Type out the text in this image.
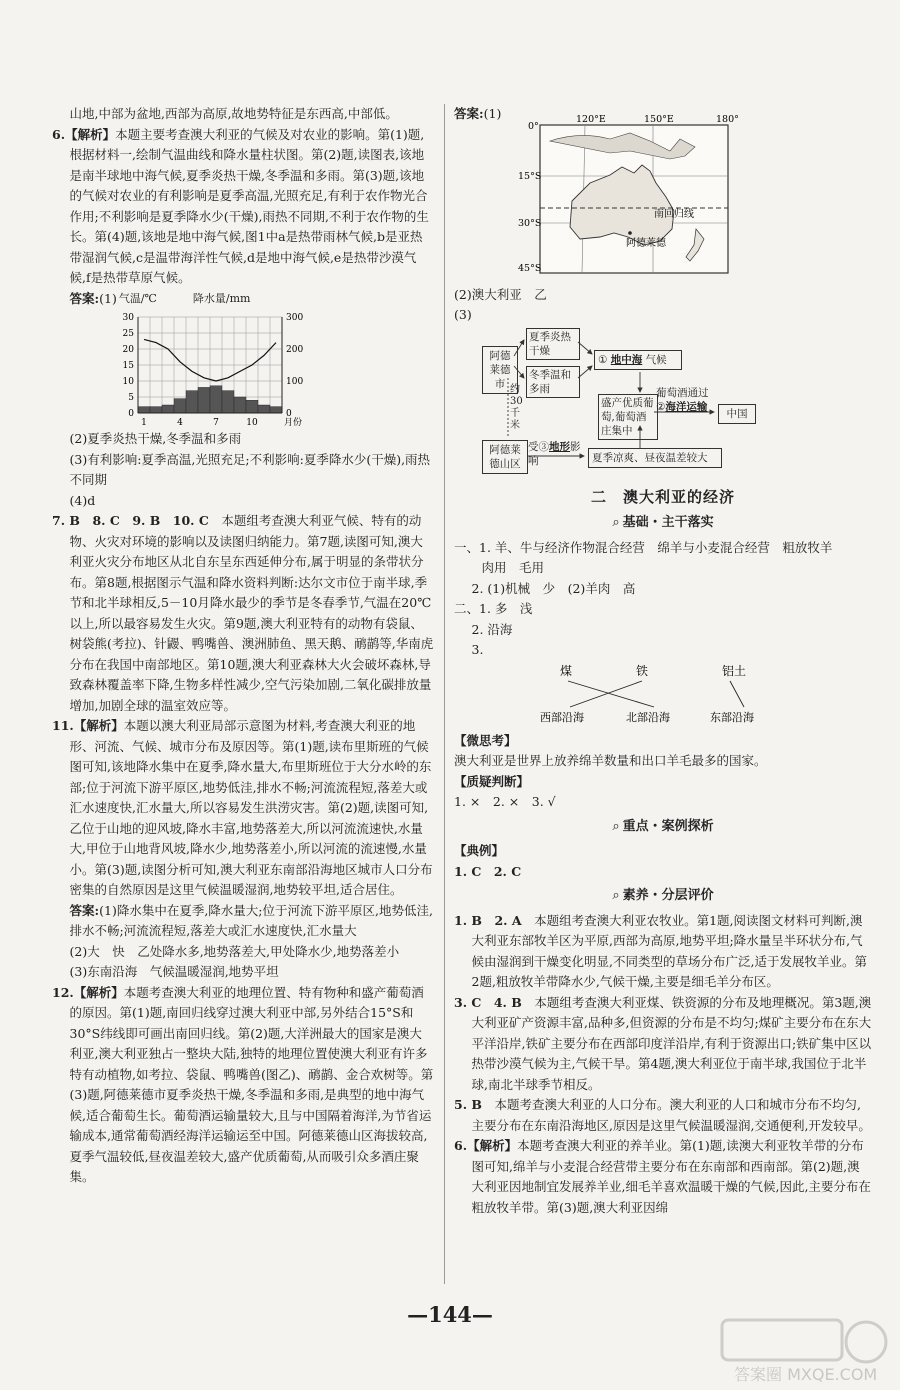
山地,中部为盆地,西部为高原,故地势特征是东西高,中部低。

6.【解析】本题主要考查澳大利亚的气候及对农业的影响。第(1)题,根据材料一,绘制气温曲线和降水量柱状图。第(2)题,读图表,该地是南半球地中海气候,夏季炎热干燥,冬季温和多雨。第(3)题,该地的气候对农业的有利影响是夏季高温,光照充足,有利于农作物光合作用;不利影响是夏季降水少(干燥),雨热不同期,不利于农作物的生长。第(4)题,该地是地中海气候,图1中a是热带雨林气候,b是亚热带湿润气候,c是温带海洋性气候,d是地中海气候,e是热带沙漠气候,f是热带草原气候。

答案: (1) 气温/℃	降水量/mm
0
5
10
15
20
25
30
0
100
200
300
1	4	7	10	月份

(2)夏季炎热干燥,冬季温和多雨

(3)有利影响:夏季高温,光照充足;不利影响:夏季降水少(干燥),雨热不同期

(4)d

7. B　8. C　9. B　10. C　 本题组考查澳大利亚气候、特有的动物、火灾对环境的影响以及读图归纳能力。第7题,读图可知,澳大利亚火灾分布地区从北自东呈东西延伸分布,属于明显的条带状分布。第8题,根据图示气温和降水资料判断:达尔文市位于南半球,季节和北半球相反,5－10月降水最少的季节是冬春季节,气温在20℃以上,所以最容易发生火灾。第9题,澳大利亚特有的动物有袋鼠、树袋熊(考拉)、针鼹、鸭嘴兽、澳洲肺鱼、黑天鹅、鸸鹋等,华南虎分布在我国中南部地区。第10题,澳大利亚森林大火会破坏森林,导致森林覆盖率下降,生物多样性减少,空气污染加剧,二氧化碳排放量增加,加剧全球的温室效应等。

11.【解析】本题以澳大利亚局部示意图为材料,考查澳大利亚的地形、河流、气候、城市分布及原因等。第(1)题,读布里斯班的气候图可知,该地降水集中在夏季,降水量大,布里斯班位于大分水岭的东部;位于河流下游平原区,地势低洼,排水不畅;河流流程短,落差大或汇水速度快,汇水量大,所以容易发生洪涝灾害。第(2)题,读图可知,乙位于山地的迎风坡,降水丰富,地势落差大,所以河流流速快,水量大,甲位于山地背风坡,降水少,地势落差小,所以河流的流速慢,水量小。第(3)题,读图分析可知,澳大利亚东南部沿海地区城市人口分布密集的自然原因是这里气候温暖湿润,地势较平坦,适合居住。

答案:(1)降水集中在夏季,降水量大;位于河流下游平原区,地势低洼,排水不畅;河流流程短,落差大或汇水速度快,汇水量大

(2)大　快　乙处降水多,地势落差大,甲处降水少,地势落差小

(3)东南沿海　气候温暖湿润,地势平坦

12.【解析】本题考查澳大利亚的地理位置、特有物种和盛产葡萄酒的原因。第(1)题,南回归线穿过澳大利亚中部,另外结合15°S和30°S纬线即可画出南回归线。第(2)题,大洋洲最大的国家是澳大利亚,澳大利亚独占一整块大陆,独特的地理位置使澳大利亚有许多特有动植物,如考拉、袋鼠、鸭嘴兽(图乙)、鸸鹋、金合欢树等。第(3)题,阿德莱德市夏季炎热干燥,冬季温和多雨,是典型的地中海气候,适合葡萄生长。葡萄酒运输量较大,且与中国隔着海洋,为节省运输成本,通常葡萄酒经海洋运输运至中国。阿德莱德山区海拔较高,夏季气温较低,昼夜温差较大,盛产优质葡萄,从而吸引众多酒庄聚集。

答案: (1)	120°E	150°E	180°
0°
15°S
30°S
45°S
南回归线
阿德莱德

(2)澳大利亚　乙

(3)

阿德莱德市
夏季炎热干燥
冬季温和多雨
① 地中海 气候
约30千米
盛产优质葡萄,葡萄酒庄集中
葡萄酒通过
②海洋运输
中国
阿德莱德山区
受③地形影响	夏季凉爽、昼夜温差较大
二　澳大利亚的经济
⌕ 基础・主干落实

一、1. 羊、牛与经济作物混合经营　绵羊与小麦混合经营　粗放牧羊

肉用　毛用

2. (1)机械　少　(2)羊肉　高

二、1. 多　浅

2. 沿海

3.

煤	铁	铝土
西部沿海	北部沿海	东部沿海

【微思考】

澳大利亚是世界上放养绵羊数量和出口羊毛最多的国家。

【质疑判断】

1. ×　2. ×　3. √

⌕ 重点・案例探析

【典例】

1. C　2. C

⌕ 素养・分层评价

1. B　2. A　 本题组考查澳大利亚农牧业。第1题,阅读图文材料可判断,澳大利亚东部牧羊区为平原,西部为高原,地势平坦;降水量呈半环状分布,气候由湿润到干燥变化明显,不同类型的草场分布广泛,适于发展牧羊业。第2题,粗放牧羊带降水少,气候干燥,主要是细毛羊分布区。

3. C　4. B　 本题组考查澳大利亚煤、铁资源的分布及地理概况。第3题,澳大利亚矿产资源丰富,品种多,但资源的分布是不均匀;煤矿主要分布在东大平洋沿岸,铁矿主要分布在西部印度洋沿岸,有利于资源出口;铁矿集中区以热带沙漠气候为主,气候干旱。第4题,澳大利亚位于南半球,我国位于北半球,南北半球季节相反。

5. B　 本题考查澳大利亚的人口分布。澳大利亚的人口和城市分布不均匀,主要分布在东南沿海地区,原因是这里气候温暖湿润,交通便利,开发较早。

6.【解析】本题考查澳大利亚的养羊业。第(1)题,读澳大利亚牧羊带的分布图可知,绵羊与小麦混合经营带主要分布在东南部和西南部。第(2)题,澳大利亚因地制宜发展养羊业,细毛羊喜欢温暖干燥的气候,因此,主要分布在粗放牧羊带。第(3)题,澳大利亚因绵

—144—
答案圈 MXQE.COM
